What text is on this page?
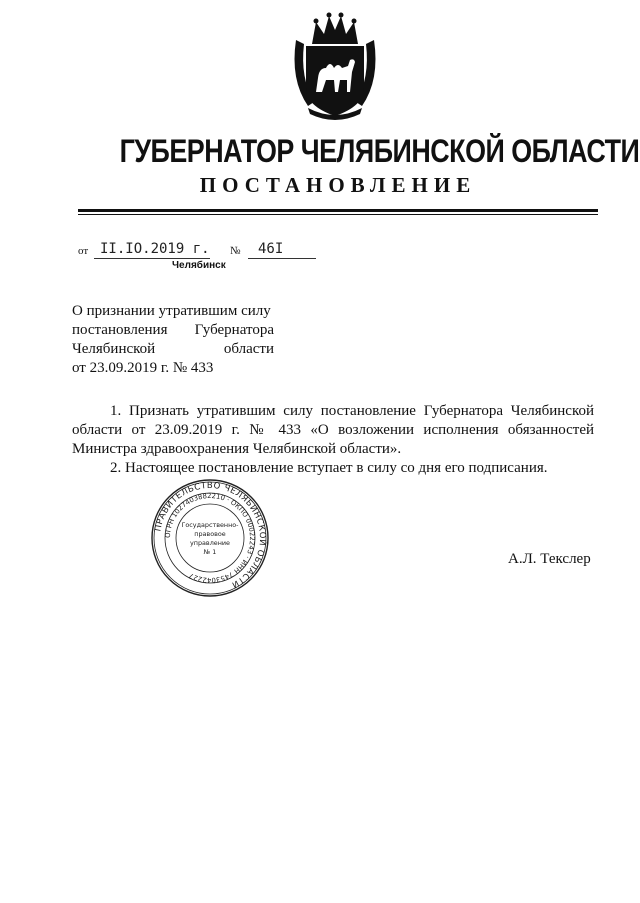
ГУБЕРНАТОР ЧЕЛЯБИНСКОЙ ОБЛАСТИ
ПОСТАНОВЛЕНИЕ
от II.IO.2019 г. №	46I
Челябинск
О признании утратившим силу
постановления Губернатора
Челябинской области
от 23.09.2019 г. № 433

1. Признать утратившим силу постановление Губернатора Челябинской области от 23.09.2019 г. № 433 «О возложении исполнения обязанностей Министра здравоохранения Челябинской области».

2. Настоящее постановление вступает в силу со дня его подписания.

ПРАВИТЕЛЬСТВО ЧЕЛЯБИНСКОЙ ОБЛАСТИ
ОГРН 1027403882210 · ОКПО 00022243 · ИНН 7453042227
Государственно-
правовое
управление
№ 1	А.Л. Текслер
